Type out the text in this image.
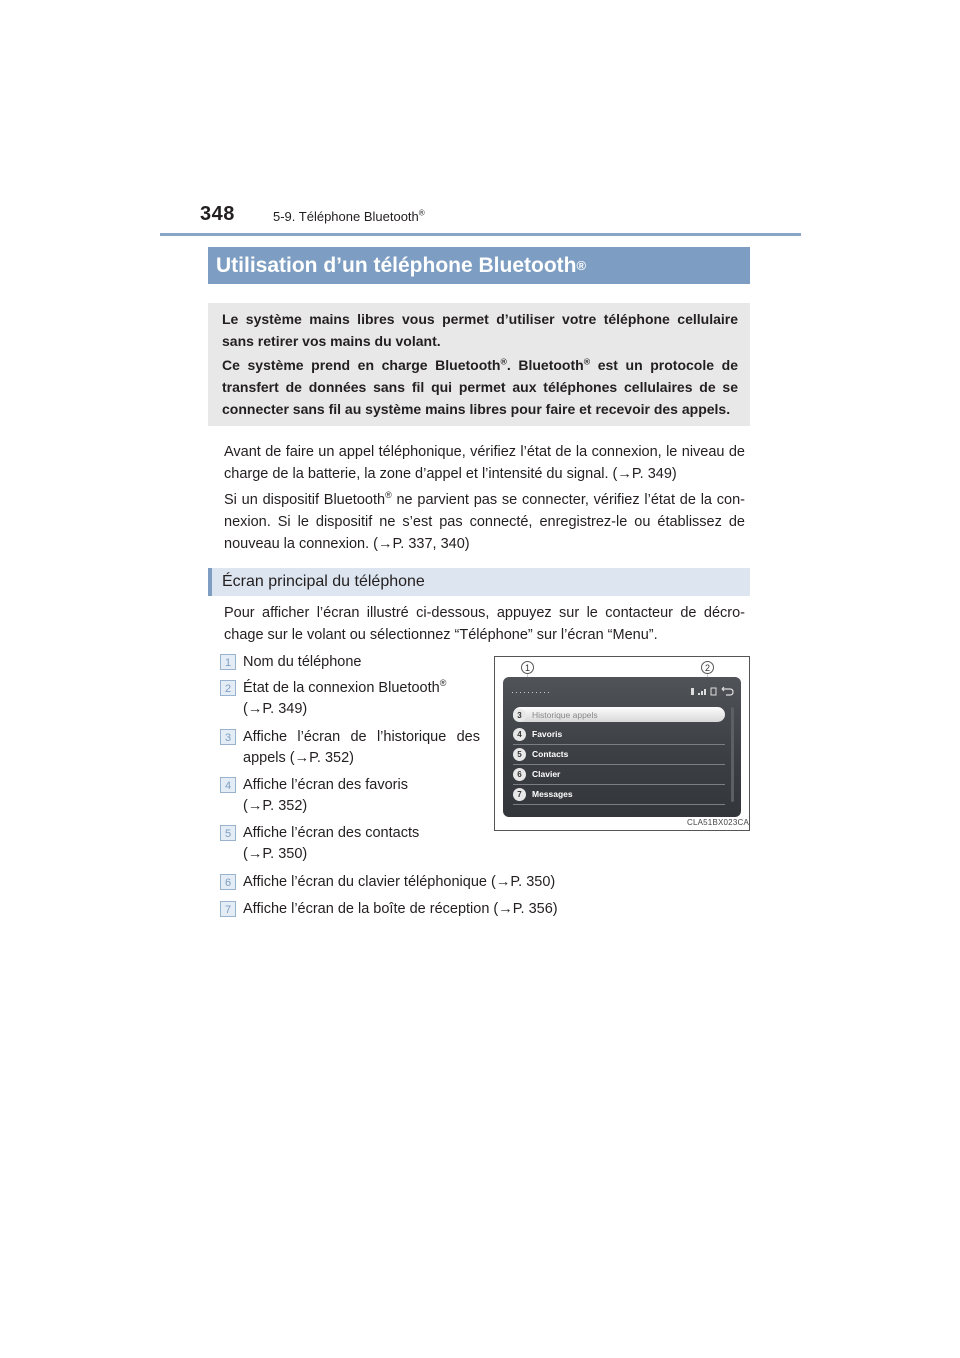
348	5-9. Téléphone Bluetooth®
Utilisation d’un téléphone Bluetooth ®

Le système mains libres vous permet d’utiliser votre téléphone cellulaire sans retirer vos mains du volant.

Ce système prend en charge Bluetooth®. Bluetooth® est un protocole de transfert de données sans fil qui permet aux téléphones cellulaires de se connecter sans fil au système mains libres pour faire et recevoir des appels.

Avant de faire un appel téléphonique, vérifiez l’état de la connexion, le niveau de charge de la batterie, la zone d’appel et l’intensité du signal. (→P. 349)

Si un dispositif Bluetooth® ne parvient pas se connecter, vérifiez l’état de la connexion. Si le dispositif ne s’est pas connecté, enregistrez-le ou établissez de nouveau la connexion. (→P. 337, 340)

Écran principal du téléphone

Pour afficher l’écran illustré ci-dessous, appuyez sur le contacteur de décrochage sur le volant ou sélectionnez “Téléphone” sur l’écran “Menu”.

1 Nom du téléphone
2 État de la connexion Bluetooth®
(→P. 349)
3 Affiche l’écran de l’historique des
appels (→P. 352)
4 Affiche l’écran des favoris
(→P. 352)
5 Affiche l’écran des contacts
(→P. 350)
6 Affiche l’écran du clavier téléphonique (→P. 350)
7 Affiche l’écran de la boîte de réception (→P. 356)
1	2
··········
3	Historique appels
4	Favoris
5	Contacts
6	Clavier
7	Messages
CLA51BX023CA
